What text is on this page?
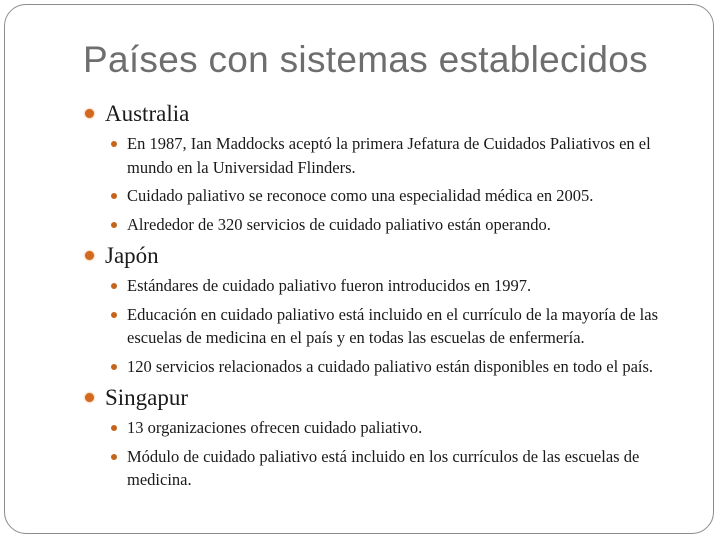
Países con sistemas establecidos
Australia
En 1987, Ian Maddocks aceptó la primera Jefatura de Cuidados Paliativos en el mundo en la Universidad Flinders.
Cuidado paliativo se reconoce como una especialidad médica en 2005.
Alrededor de 320 servicios de cuidado paliativo están operando.
Japón
Estándares de cuidado paliativo fueron introducidos en 1997.
Educación en cuidado paliativo está incluido en el currículo de la mayoría de las escuelas de medicina en el país y en todas las escuelas de enfermería.
120 servicios relacionados a cuidado paliativo están disponibles en todo el país.
Singapur
13 organizaciones ofrecen cuidado paliativo.
Módulo de cuidado paliativo está incluido en los currículos de las escuelas de medicina.
